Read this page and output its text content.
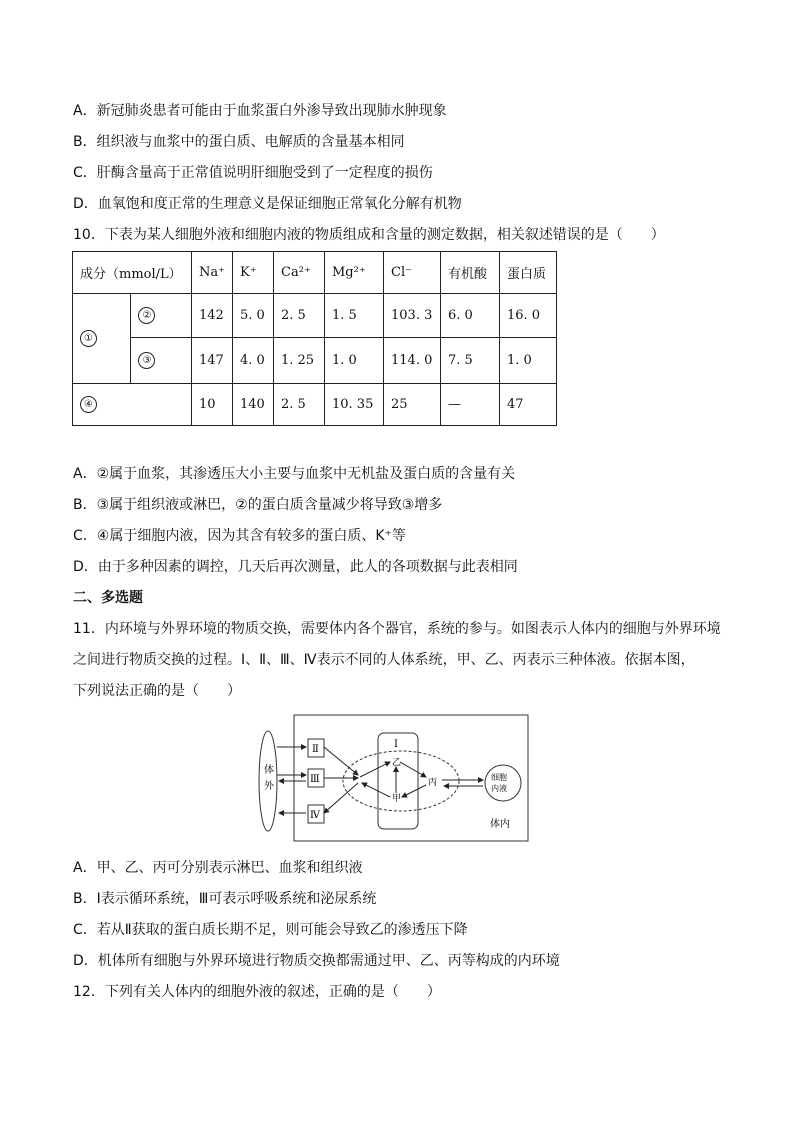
A．新冠肺炎患者可能由于血浆蛋白外渗导致出现肺水肿现象
B．组织液与血浆中的蛋白质、电解质的含量基本相同
C．肝酶含量高于正常值说明肝细胞受到了一定程度的损伤
D．血氧饱和度正常的生理意义是保证细胞正常氧化分解有机物
10．下表为某人细胞外液和细胞内液的物质组成和含量的测定数据，相关叙述错误的是（　　）
成分（mmol/L）		Na⁺	K⁺	Ca²⁺	Mg²⁺	Cl⁻	有机酸	蛋白质
①	②	142	5. 0	2. 5	1. 5	103. 3	6. 0	16. 0
	③	147	4. 0	1. 25	1. 0	114. 0	7. 5	1. 0
④		10	140	2. 5	10. 35	25	—	47
A．②属于血浆，其渗透压大小主要与血浆中无机盐及蛋白质的含量有关
B．③属于组织液或淋巴，②的蛋白质含量减少将导致③增多
C．④属于细胞内液，因为其含有较多的蛋白质、K⁺等
D．由于多种因素的调控，几天后再次测量，此人的各项数据与此表相同
二、多选题
11．内环境与外界环境的物质交换，需要体内各个器官，系统的参与。如图表示人体内的细胞与外界环境
之间进行物质交换的过程。Ⅰ、Ⅱ、Ⅲ、Ⅳ表示不同的人体系统，甲、乙、丙表示三种体液。依据本图，
下列说法正确的是（　　）
体
外
Ⅱ
Ⅲ
Ⅳ
Ⅰ
乙
甲
丙
细胞
内液
体内
A．甲、乙、丙可分别表示淋巴、血浆和组织液
B．Ⅰ表示循环系统，Ⅲ可表示呼吸系统和泌尿系统
C．若从Ⅱ获取的蛋白质长期不足，则可能会导致乙的渗透压下降
D．机体所有细胞与外界环境进行物质交换都需通过甲、乙、丙等构成的内环境
12．下列有关人体内的细胞外液的叙述，正确的是（　　）
